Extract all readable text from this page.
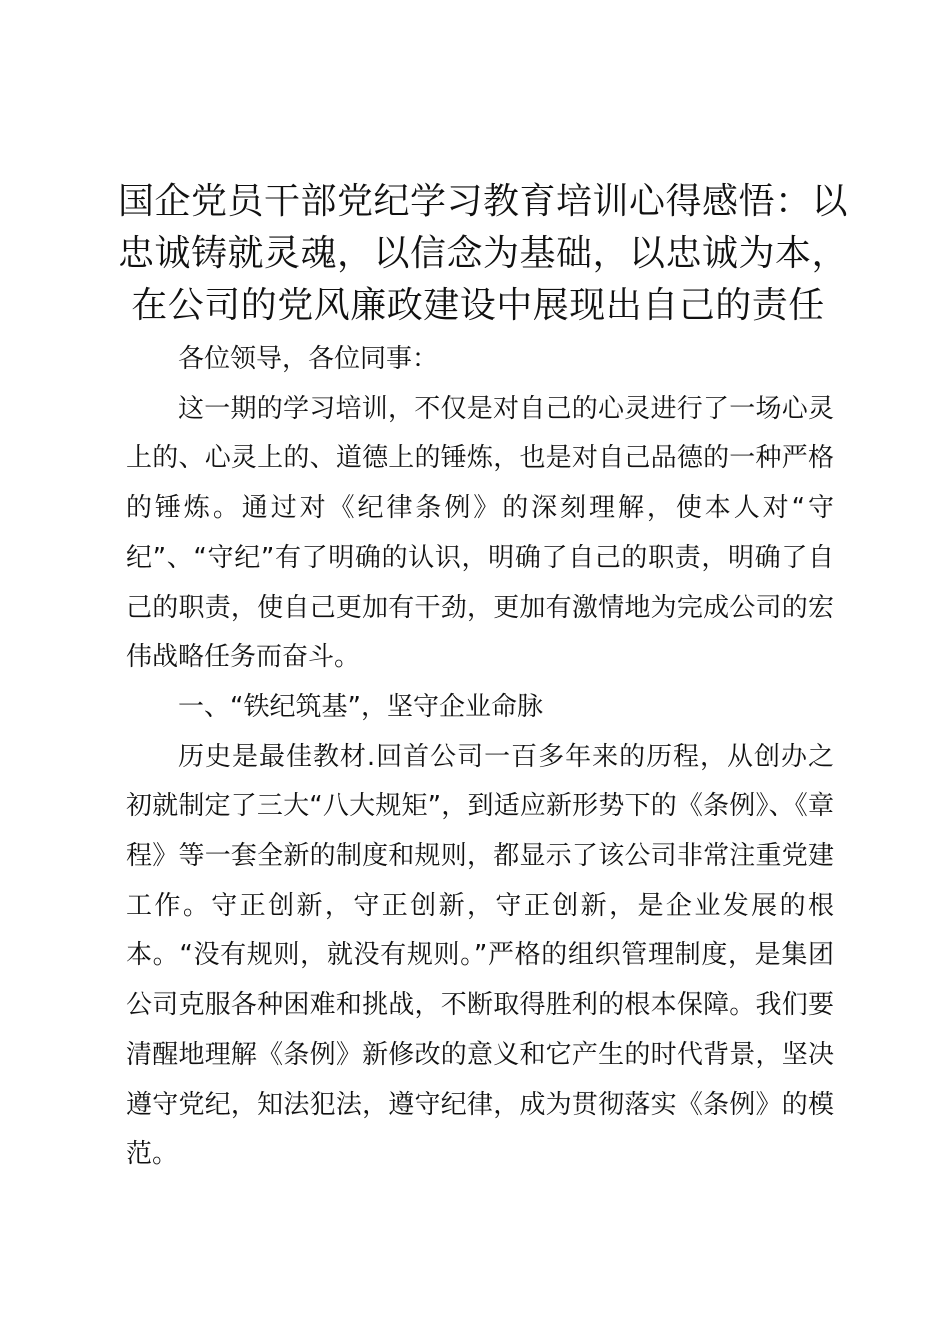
国企党员干部党纪学习教育培训心得感悟：以
忠诚铸就灵魂，以信念为基础，以忠诚为本，
在公司的党风廉政建设中展现出自己的责任

各位领导，各位同事：

这一期的学习培训，不仅是对自己的心灵进行了一场心灵上的、心灵上的、道德上的锤炼，也是对自己品德的一种严格的锤炼。通过对《纪律条例》的深刻理解，使本人对“守纪”、“守纪”有了明确的认识，明确了自己的职责，明确了自己的职责，使自己更加有干劲，更加有激情地为完成公司的宏伟战略任务而奋斗。

一、“铁纪筑基”，坚守企业命脉

历史是最佳教材.回首公司一百多年来的历程，从创办之初就制定了三大“八大规矩”，到适应新形势下的《条例》、《章程》等一套全新的制度和规则，都显示了该公司非常注重党建工作。守正创新，守正创新，守正创新，是企业发展的根本。“没有规则，就没有规则。”严格的组织管理制度，是集团公司克服各种困难和挑战，不断取得胜利的根本保障。我们要清醒地理解《条例》新修改的意义和它产生的时代背景，坚决遵守党纪，知法犯法，遵守纪律，成为贯彻落实《条例》的模范。
